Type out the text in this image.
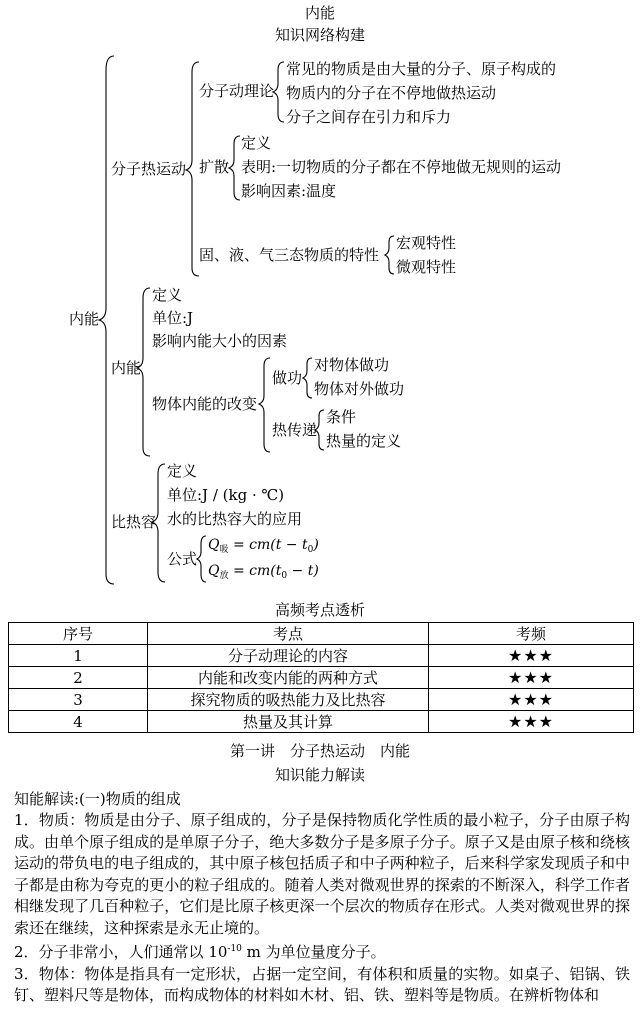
内能
知识网络构建
内能
分子热运动
分子动理论
常见的物质是由大量的分子、原子构成的
物质内的分子在不停地做热运动
分子之间存在引力和斥力
扩散
定义
表明:一切物质的分子都在不停地做无规则的运动
影响因素:温度
固、液、气三态物质的特性
宏观特性
微观特性
内能
定义
单位:J
影响内能大小的因素
物体内能的改变
做功
对物体做功
物体对外做功
热传递
条件
热量的定义
比热容
定义
单位:J / (kg · ℃)
水的比热容大的应用
公式
$Q_吸 = cm(t - t_0)$
$Q_放 = cm(t_0 - t)$
高频考点透析
序号	考点	考频
1	分子动理论的内容	★★★
2	内能和改变内能的两种方式	★★★
3	探究物质的吸热能力及比热容	★★★
4	热量及其计算	★★★
第一讲　分子热运动　内能
知识能力解读
知能解读:(一)物质的组成

1．物质：物质是由分子、原子组成的，分子是保持物质化学性质的最小粒子，分子由原子构成。由单个原子组成的是单原子分子，绝大多数分子是多原子分子。原子又是由原子核和绕核运动的带负电的电子组成的，其中原子核包括质子和中子两种粒子，后来科学家发现质子和中子都是由称为夸克的更小的粒子组成的。随着人类对微观世界的探索的不断深入，科学工作者相继发现了几百种粒子，它们是比原子核更深一个层次的物质存在形式。人类对微观世界的探索还在继续，这种探索是永无止境的。

2．分子非常小，人们通常以 $10^{-10}$ m 为单位量度分子。

3．物体：物体是指具有一定形状，占据一定空间，有体积和质量的实物。如桌子、铝锅、铁钉、塑料尺等是物体，而构成物体的材料如木材、铝、铁、塑料等是物质。在辨析物体和
